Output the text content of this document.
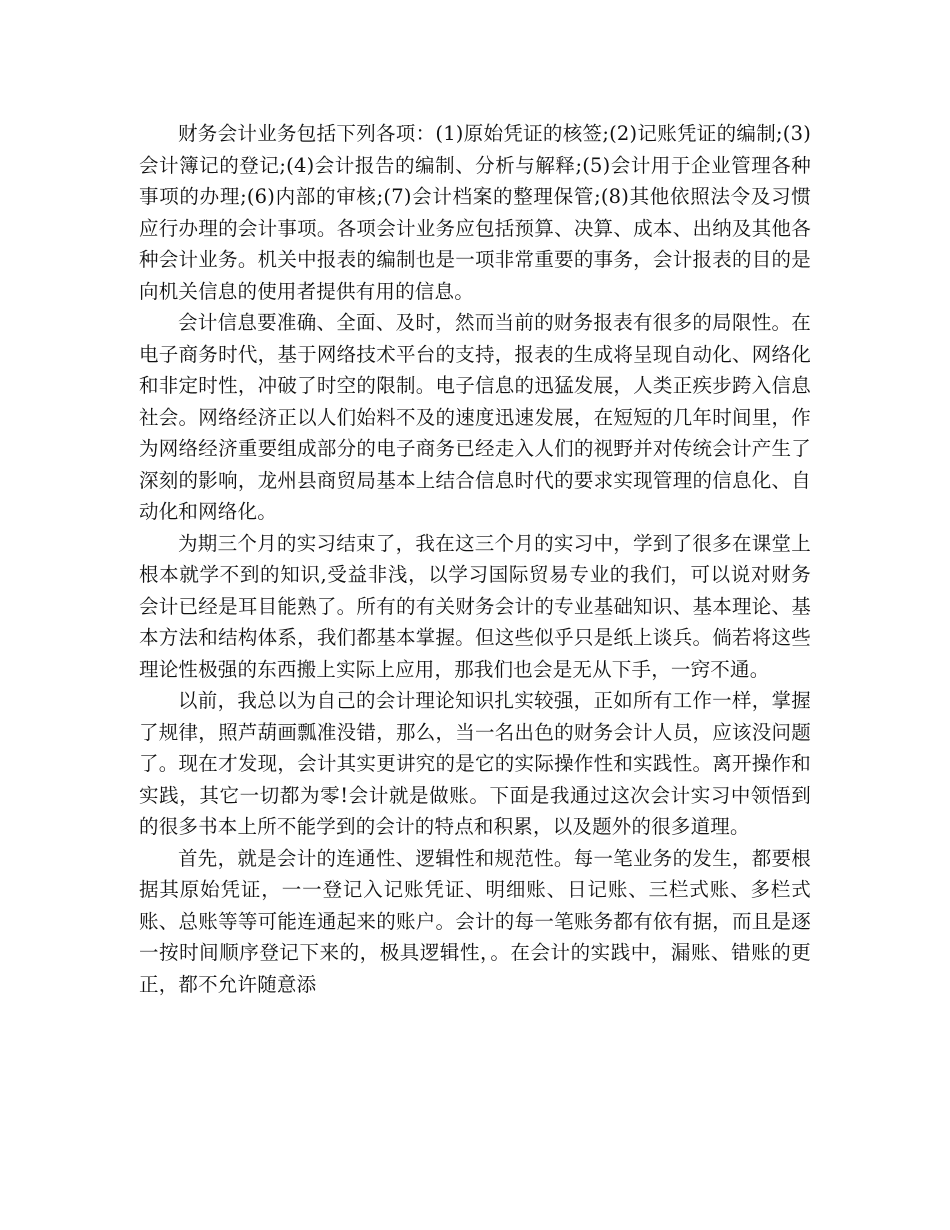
财务会计业务包括下列各项：(1)原始凭证的核签;(2)记账凭证的编制;(3)会计簿记的登记;(4)会计报告的编制、分析与解释;(5)会计用于企业管理各种事项的办理;(6)内部的审核;(7)会计档案的整理保管;(8)其他依照法令及习惯应行办理的会计事项。各项会计业务应包括预算、决算、成本、出纳及其他各种会计业务。机关中报表的编制也是一项非常重要的事务，会计报表的目的是向机关信息的使用者提供有用的信息。

会计信息要准确、全面、及时，然而当前的财务报表有很多的局限性。在电子商务时代，基于网络技术平台的支持，报表的生成将呈现自动化、网络化和非定时性，冲破了时空的限制。电子信息的迅猛发展，人类正疾步跨入信息社会。网络经济正以人们始料不及的速度迅速发展，在短短的几年时间里，作为网络经济重要组成部分的电子商务已经走入人们的视野并对传统会计产生了深刻的影响，龙州县商贸局基本上结合信息时代的要求实现管理的信息化、自动化和网络化。

为期三个月的实习结束了，我在这三个月的实习中，学到了很多在课堂上根本就学不到的知识,受益非浅，以学习国际贸易专业的我们，可以说对财务会计已经是耳目能熟了。所有的有关财务会计的专业基础知识、基本理论、基本方法和结构体系，我们都基本掌握。但这些似乎只是纸上谈兵。倘若将这些理论性极强的东西搬上实际上应用，那我们也会是无从下手，一窍不通。

以前，我总以为自己的会计理论知识扎实较强，正如所有工作一样，掌握了规律，照芦葫画瓢准没错，那么，当一名出色的财务会计人员，应该没问题了。现在才发现，会计其实更讲究的是它的实际操作性和实践性。离开操作和实践，其它一切都为零!会计就是做账。下面是我通过这次会计实习中领悟到的很多书本上所不能学到的会计的特点和积累，以及题外的很多道理。

首先，就是会计的连通性、逻辑性和规范性。每一笔业务的发生，都要根据其原始凭证，一一登记入记账凭证、明细账、日记账、三栏式账、多栏式账、总账等等可能连通起来的账户。会计的每一笔账务都有依有据，而且是逐一按时间顺序登记下来的，极具逻辑性，。在会计的实践中，漏账、错账的更正，都不允许随意添
